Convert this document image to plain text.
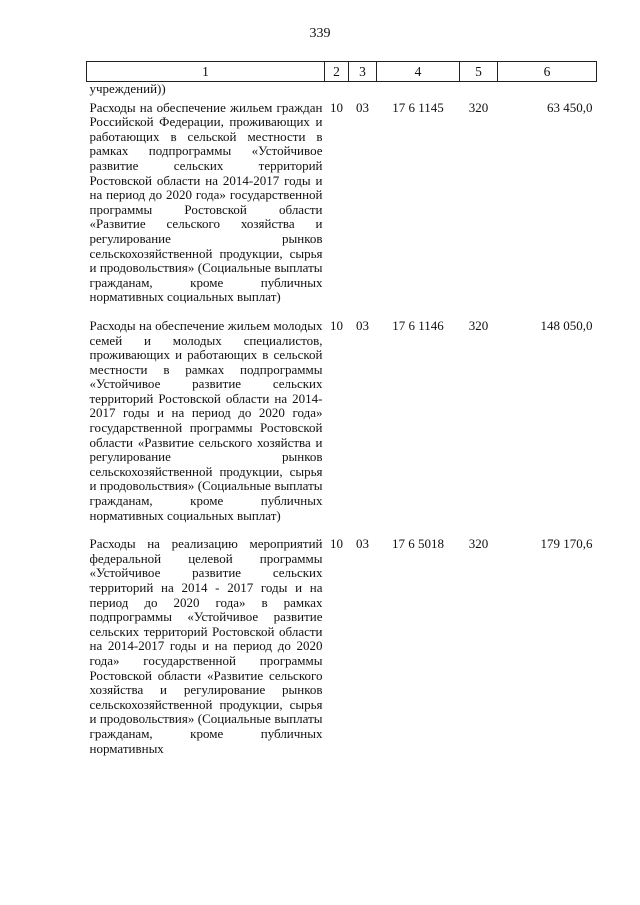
339
1	2	3	4	5	6
учреждений))					
Расходы на обеспечение жильем граждан Российской Федерации, проживающих и работающих в сельской местности в рамках подпрограммы «Устойчивое развитие сельских территорий Ростовской области на 2014-2017 годы и на период до 2020 года» государственной программы Ростовской области «Развитие сельского хозяйства и регулирование рынков сельскохозяйственной продукции, сырья и продовольствия» (Социальные выплаты гражданам, кроме публичных нормативных социальных выплат)	10	03	17 6 1145	320	63 450,0
Расходы на обеспечение жильем молодых семей и молодых специалистов, проживающих и работающих в сельской местности в рамках подпрограммы «Устойчивое развитие сельских территорий Ростовской области на 2014-2017 годы и на период до 2020 года» государственной программы Ростовской области «Развитие сельского хозяйства и регулирование рынков сельскохозяйственной продукции, сырья и продовольствия» (Социальные выплаты гражданам, кроме публичных нормативных социальных выплат)	10	03	17 6 1146	320	148 050,0
Расходы на реализацию мероприятий федеральной целевой программы «Устойчивое развитие сельских территорий на 2014 - 2017 годы и на период до 2020 года» в рамках подпрограммы «Устойчивое развитие сельских территорий Ростовской области на 2014-2017 годы и на период до 2020 года» государственной программы Ростовской области «Развитие сельского хозяйства и регулирование рынков сельскохозяйственной продукции, сырья и продовольствия» (Социальные выплаты гражданам, кроме публичных нормативных	10	03	17 6 5018	320	179 170,6
